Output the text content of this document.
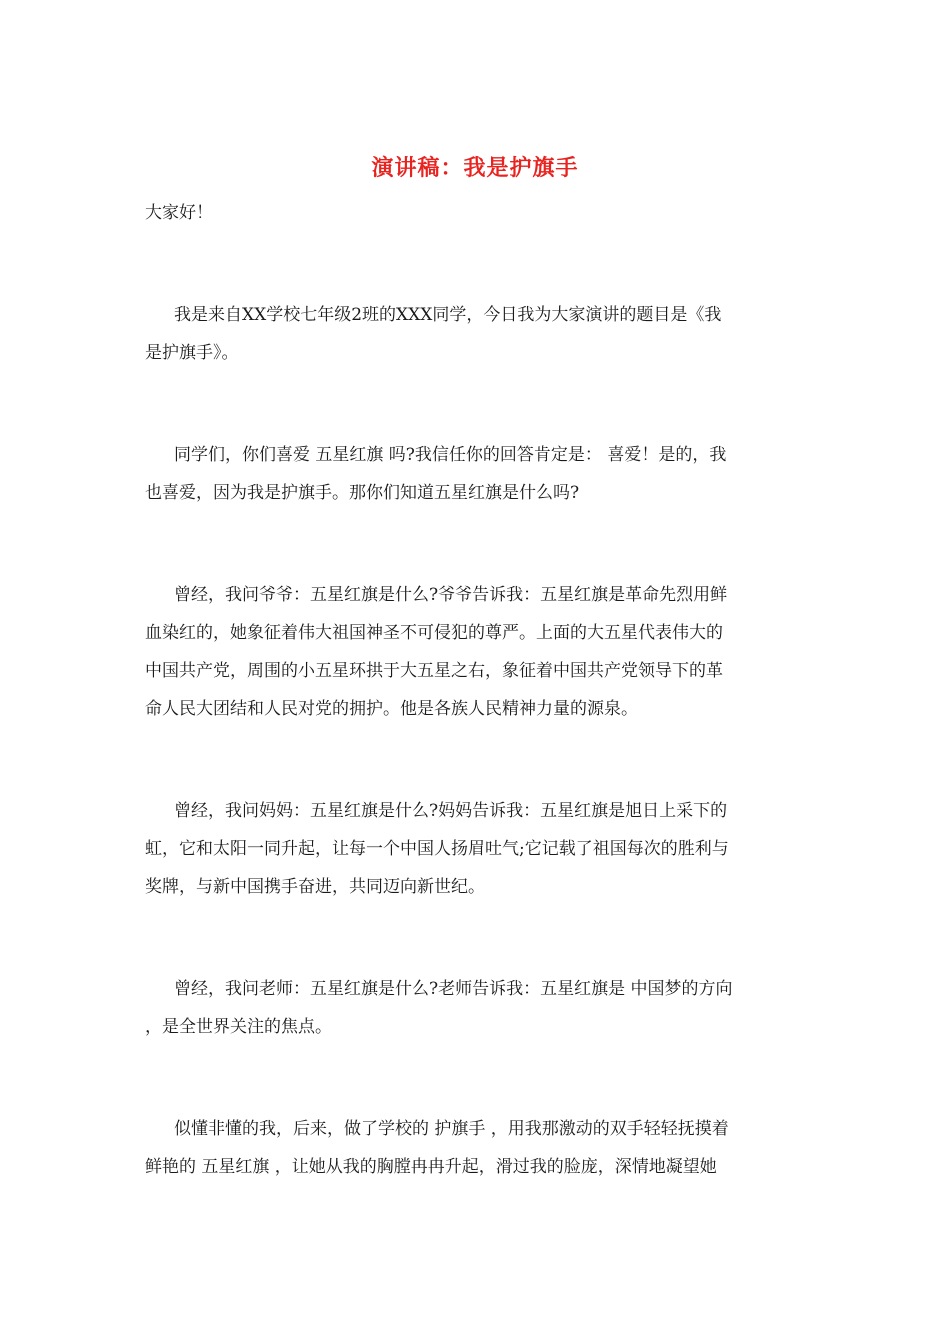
演讲稿：我是护旗手
大家好！
我是来自XX学校七年级2班的XXX同学，今日我为大家演讲的题目是《我
是护旗手》。
同学们，你们喜爱 五星红旗 吗?我信任你的回答肯定是： 喜爱！是的，我
也喜爱，因为我是护旗手。那你们知道五星红旗是什么吗?
曾经，我问爷爷：五星红旗是什么?爷爷告诉我：五星红旗是革命先烈用鲜
血染红的，她象征着伟大祖国神圣不可侵犯的尊严。上面的大五星代表伟大的
中国共产党，周围的小五星环拱于大五星之右，象征着中国共产党领导下的革
命人民大团结和人民对党的拥护。他是各族人民精神力量的源泉。
曾经，我问妈妈：五星红旗是什么?妈妈告诉我：五星红旗是旭日上采下的
虹，它和太阳一同升起，让每一个中国人扬眉吐气;它记载了祖国每次的胜利与
奖牌，与新中国携手奋进，共同迈向新世纪。
曾经，我问老师：五星红旗是什么?老师告诉我：五星红旗是 中国梦的方向
，是全世界关注的焦点。
似懂非懂的我，后来，做了学校的 护旗手 ，用我那激动的双手轻轻抚摸着
鲜艳的 五星红旗 ，让她从我的胸膛冉冉升起，滑过我的脸庞，深情地凝望她
